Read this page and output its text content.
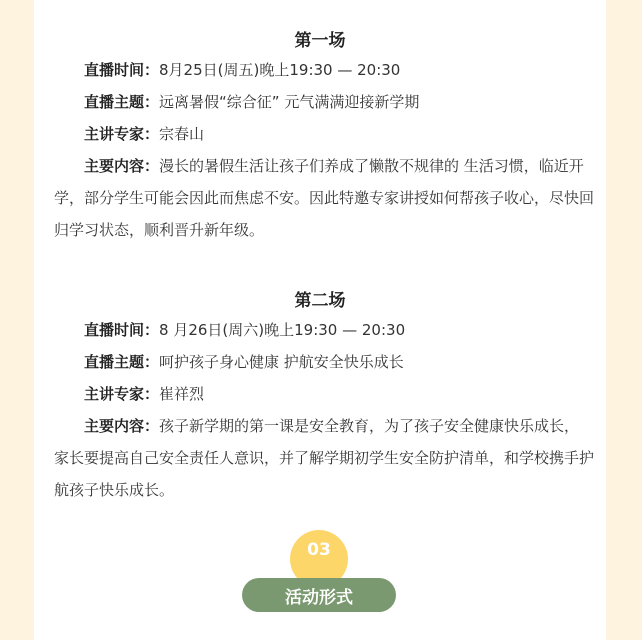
第一场
直播时间：8月25日(周五)晚上19:30 — 20:30
直播主题：远离暑假“综合征” 元气满满迎接新学期
主讲专家：宗春山
主要内容：漫长的暑假生活让孩子们养成了懒散不规律的 生活习惯，临近开学，部分学生可能会因此而焦虑不安。因此特邀专家讲授如何帮孩子收心，尽快回归学习状态，顺利晋升新年级。
第二场
直播时间：8 月26日(周六)晚上19:30 — 20:30
直播主题：呵护孩子身心健康 护航安全快乐成长
主讲专家：崔祥烈
主要内容：孩子新学期的第一课是安全教育，为了孩子安全健康快乐成长，家长要提高自己安全责任人意识，并了解学期初学生安全防护清单，和学校携手护航孩子快乐成长。
03
活动形式
